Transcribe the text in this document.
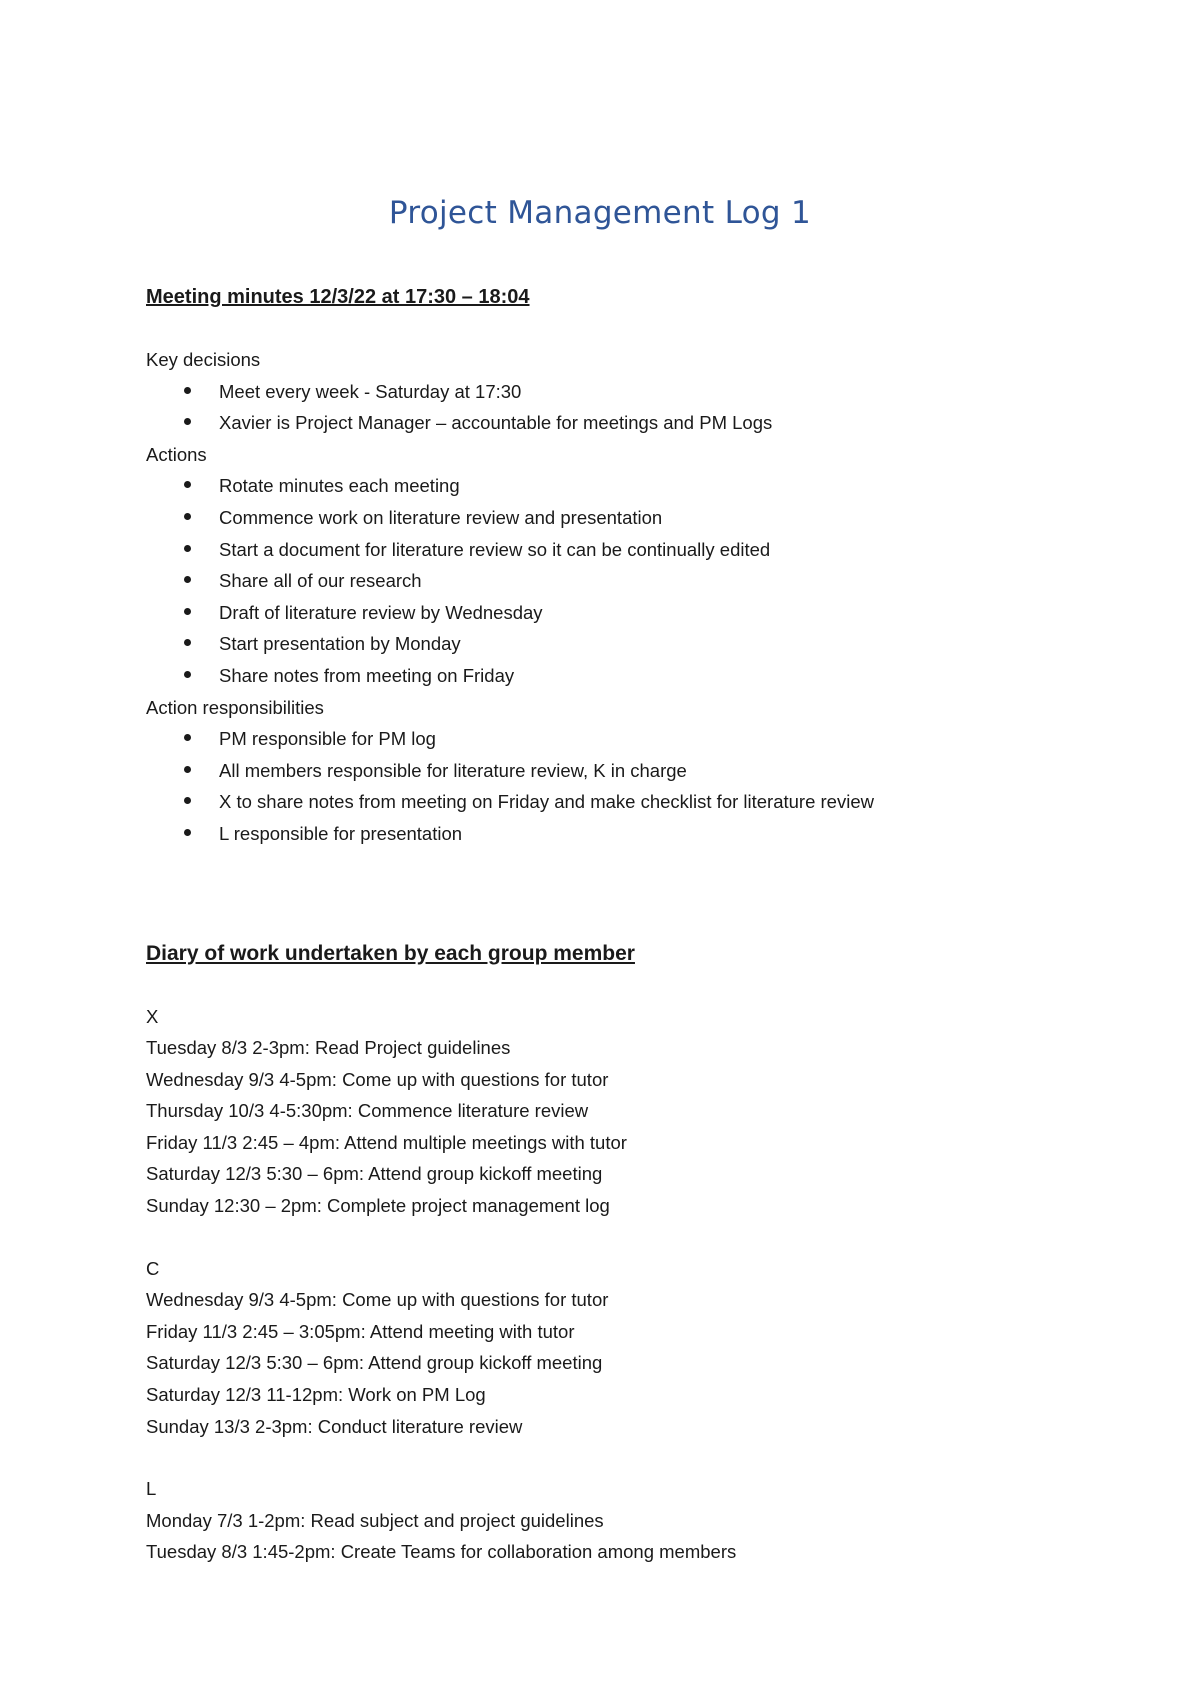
Project Management Log 1
Meeting minutes 12/3/22 at 17:30 – 18:04

Key decisions

Meet every week - Saturday at 17:30
Xavier is Project Manager – accountable for meetings and PM Logs

Actions

Rotate minutes each meeting
Commence work on literature review and presentation
Start a document for literature review so it can be continually edited
Share all of our research
Draft of literature review by Wednesday
Start presentation by Monday
Share notes from meeting on Friday

Action responsibilities

PM responsible for PM log
All members responsible for literature review, K in charge
X to share notes from meeting on Friday and make checklist for literature review
L responsible for presentation
Diary of work undertaken by each group member

X

Tuesday 8/3 2-3pm: Read Project guidelines

Wednesday 9/3 4-5pm: Come up with questions for tutor

Thursday 10/3 4-5:30pm: Commence literature review

Friday 11/3 2:45 – 4pm: Attend multiple meetings with tutor

Saturday 12/3 5:30 – 6pm: Attend group kickoff meeting

Sunday 12:30 – 2pm: Complete project management log

C

Wednesday 9/3 4-5pm: Come up with questions for tutor

Friday 11/3 2:45 – 3:05pm: Attend meeting with tutor

Saturday 12/3 5:30 – 6pm: Attend group kickoff meeting

Saturday 12/3 11-12pm: Work on PM Log

Sunday 13/3 2-3pm: Conduct literature review

L

Monday 7/3 1-2pm: Read subject and project guidelines

Tuesday 8/3 1:45-2pm: Create Teams for collaboration among members
